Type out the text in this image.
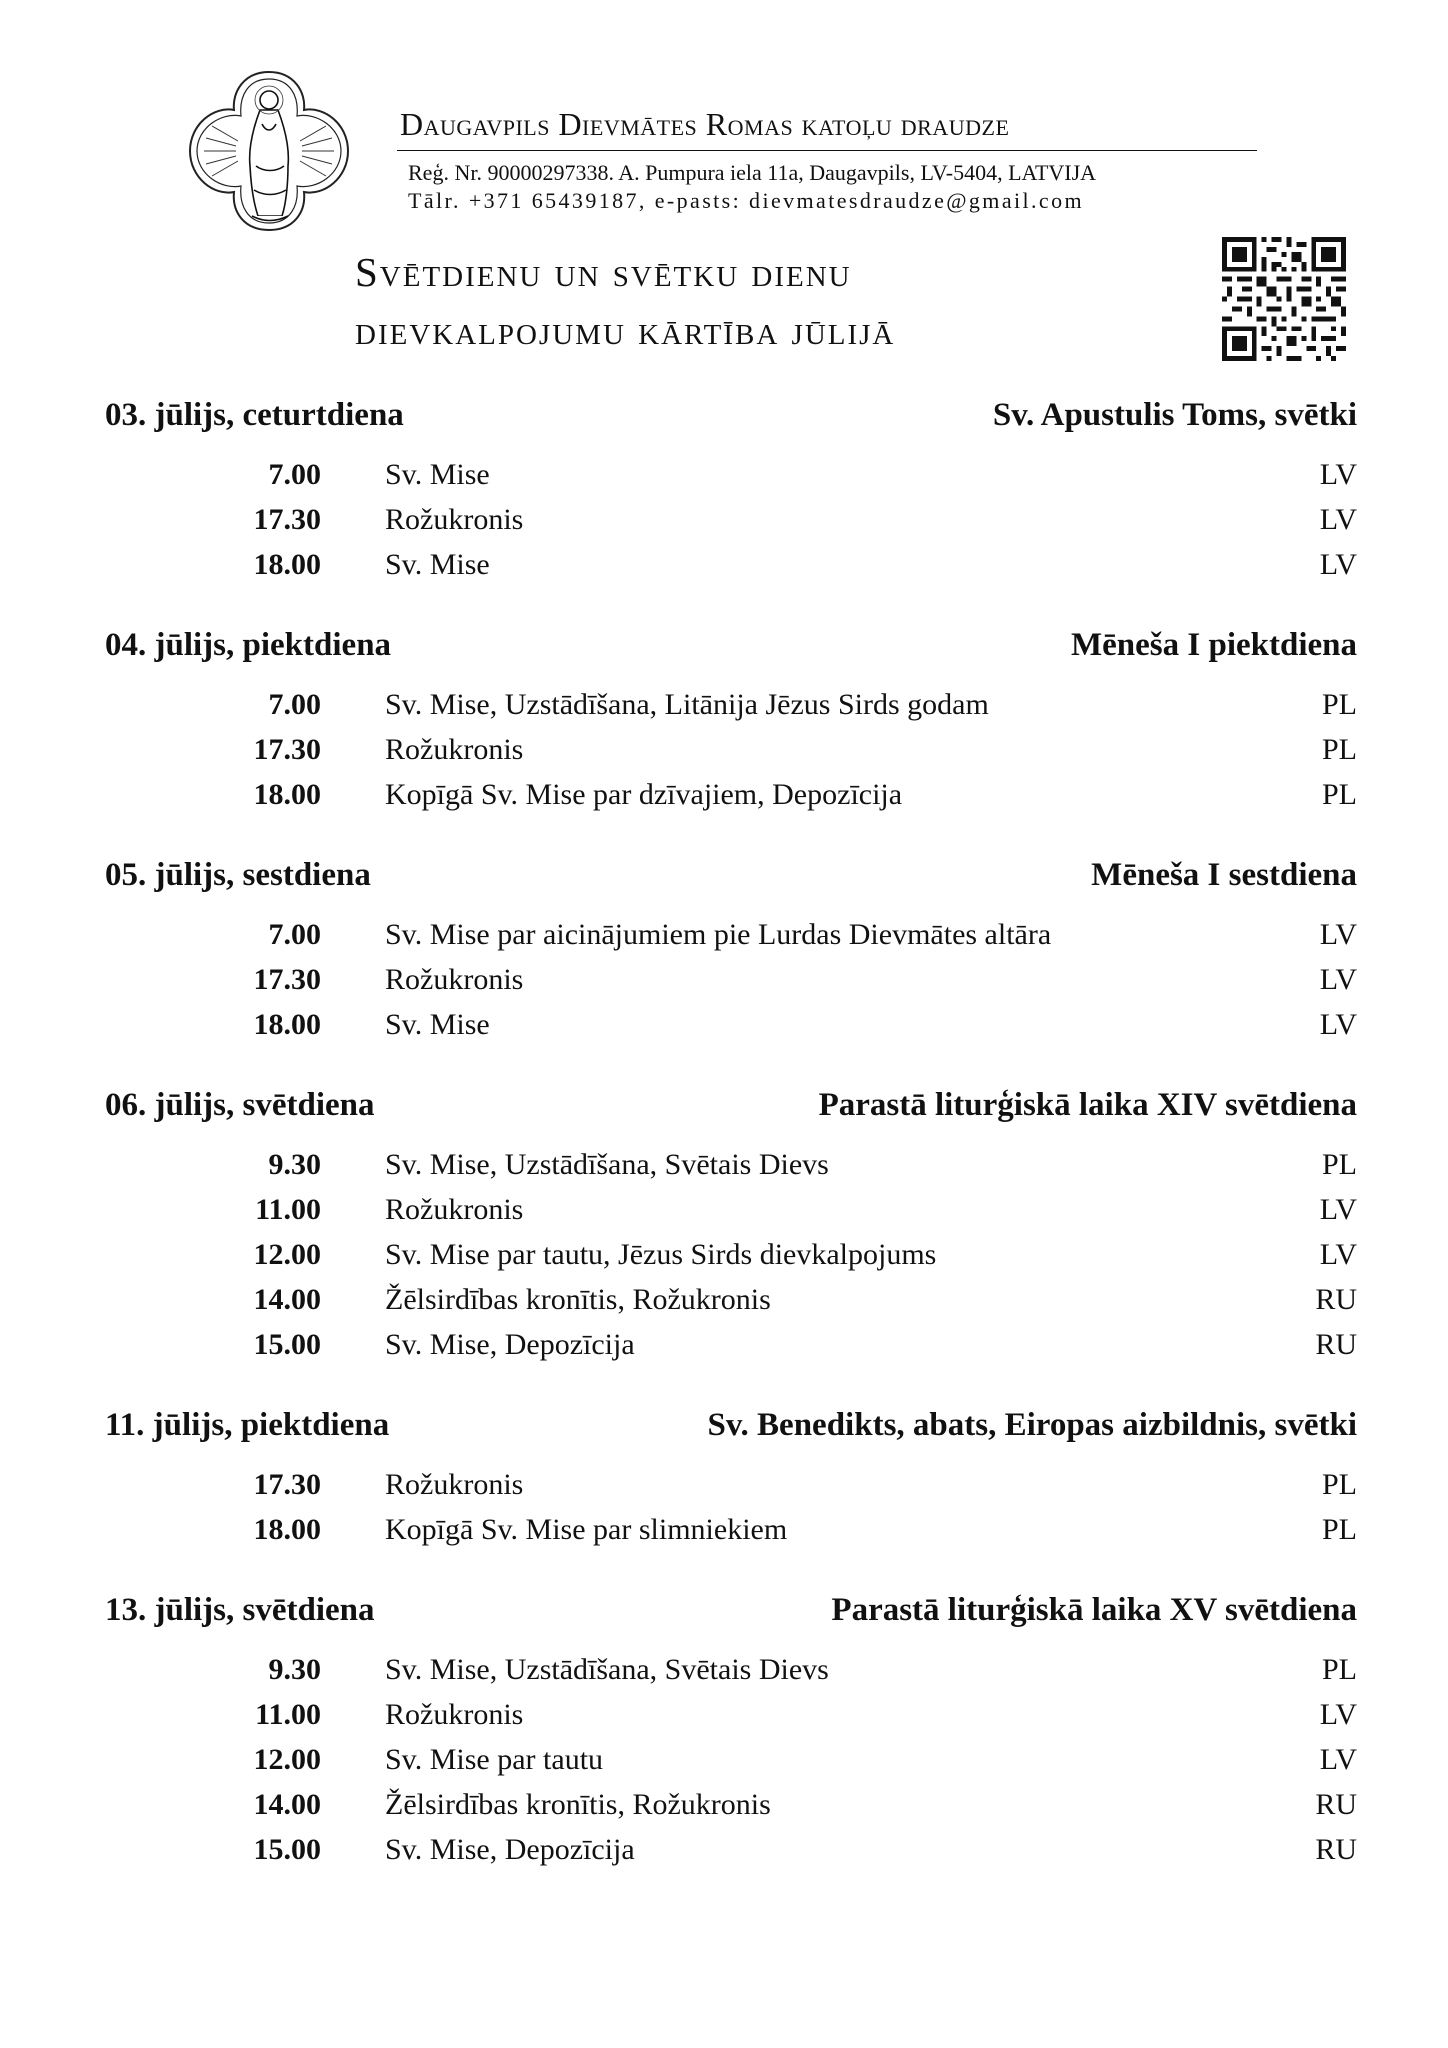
Daugavpils Dievmātes Romas katoļu draudze
Reģ. Nr. 90000297338. A. Pumpura iela 11a, Daugavpils, LV-5404, LATVIJA
Tālr. +371 65439187, e-pasts: dievmatesdraudze@gmail.com
Svētdienu un svētku dienu
dievkalpojumu kārtība jūlijā
03. jūlijs, ceturtdiena	Sv. Apustulis Toms, svētki
7.00	Sv. Mise	LV
17.30	Rožukronis	LV
18.00	Sv. Mise	LV
04. jūlijs, piektdiena	Mēneša I piektdiena
7.00	Sv. Mise, Uzstādīšana, Litānija Jēzus Sirds godam	PL
17.30	Rožukronis	PL
18.00	Kopīgā Sv. Mise par dzīvajiem, Depozīcija	PL
05. jūlijs, sestdiena	Mēneša I sestdiena
7.00	Sv. Mise par aicinājumiem pie Lurdas Dievmātes altāra	LV
17.30	Rožukronis	LV
18.00	Sv. Mise	LV
06. jūlijs, svētdiena	Parastā liturģiskā laika XIV svētdiena
9.30	Sv. Mise, Uzstādīšana, Svētais Dievs	PL
11.00	Rožukronis	LV
12.00	Sv. Mise par tautu, Jēzus Sirds dievkalpojums	LV
14.00	Žēlsirdības kronītis, Rožukronis	RU
15.00	Sv. Mise, Depozīcija	RU
11. jūlijs, piektdiena	Sv. Benedikts, abats, Eiropas aizbildnis, svētki
17.30	Rožukronis	PL
18.00	Kopīgā Sv. Mise par slimniekiem	PL
13. jūlijs, svētdiena	Parastā liturģiskā laika XV svētdiena
9.30	Sv. Mise, Uzstādīšana, Svētais Dievs	PL
11.00	Rožukronis	LV
12.00	Sv. Mise par tautu	LV
14.00	Žēlsirdības kronītis, Rožukronis	RU
15.00	Sv. Mise, Depozīcija	RU
